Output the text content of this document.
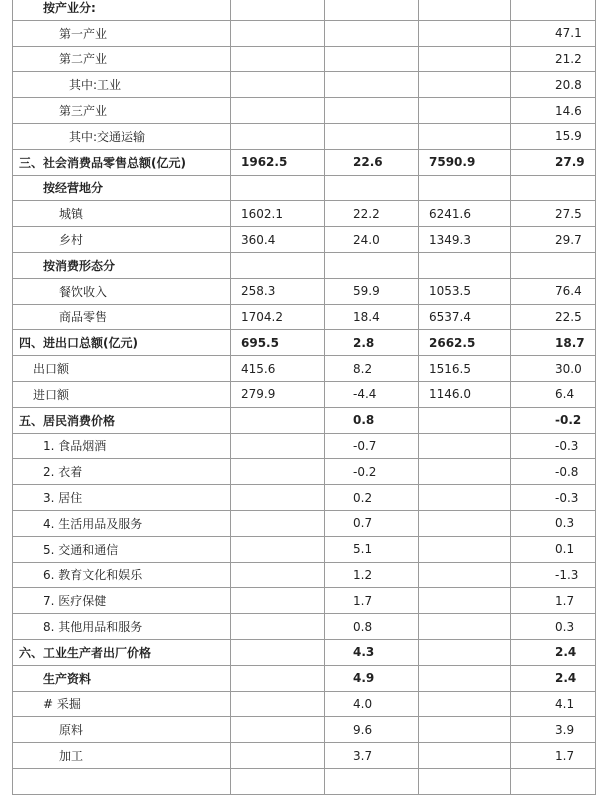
按产业分:				
第一产业				47.1
第二产业				21.2
其中:工业				20.8
第三产业				14.6
其中:交通运输				15.9
三、社会消费品零售总额(亿元)	1962.5	22.6	7590.9	27.9
按经营地分				
城镇	1602.1	22.2	6241.6	27.5
乡村	360.4	24.0	1349.3	29.7
按消费形态分				
餐饮收入	258.3	59.9	1053.5	76.4
商品零售	1704.2	18.4	6537.4	22.5
四、进出口总额(亿元)	695.5	2.8	2662.5	18.7
出口额	415.6	8.2	1516.5	30.0
进口额	279.9	-4.4	1146.0	6.4
五、居民消费价格		0.8		-0.2
1. 食品烟酒		-0.7		-0.3
2. 衣着		-0.2		-0.8
3. 居住		0.2		-0.3
4. 生活用品及服务		0.7		0.3
5. 交通和通信		5.1		0.1
6. 教育文化和娱乐		1.2		-1.3
7. 医疗保健		1.7		1.7
8. 其他用品和服务		0.8		0.3
六、工业生产者出厂价格		4.3		2.4
生产资料		4.9		2.4
# 采掘		4.0		4.1
原料		9.6		3.9
加工		3.7		1.7
